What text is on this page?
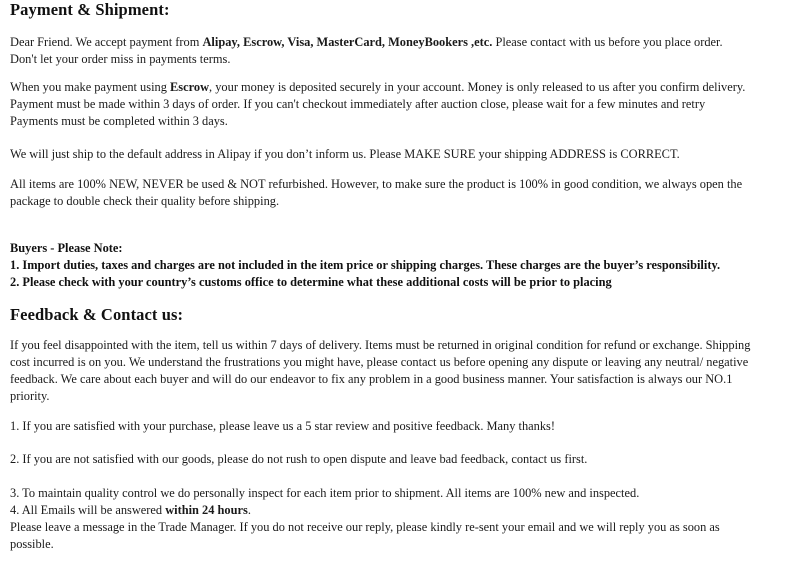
Payment & Shipment:
Dear Friend. We accept payment from Alipay, Escrow, Visa, MasterCard, MoneyBookers ,etc. Please contact with us before you place order.
Don't let your order miss in payments terms.
When you make payment using Escrow, your money is deposited securely in your account. Money is only released to us after you confirm delivery.
Payment must be made within 3 days of order. If you can't checkout immediately after auction close, please wait for a few minutes and retry
Payments must be completed within 3 days.
We will just ship to the default address in Alipay if you don’t inform us. Please MAKE SURE your shipping ADDRESS is CORRECT.
All items are 100% NEW, NEVER be used & NOT refurbished. However, to make sure the product is 100% in good condition, we always open the
package to double check their quality before shipping.
Buyers - Please Note:
1. Import duties, taxes and charges are not included in the item price or shipping charges. These charges are the buyer’s responsibility.
2. Please check with your country’s customs office to determine what these additional costs will be prior to placing
Feedback & Contact us:
If you feel disappointed with the item, tell us within 7 days of delivery. Items must be returned in original condition for refund or exchange. Shipping
cost incurred is on you. We understand the frustrations you might have, please contact us before opening any dispute or leaving any neutral/ negative
feedback. We care about each buyer and will do our endeavor to fix any problem in a good business manner. Your satisfaction is always our NO.1
priority.
1. If you are satisfied with your purchase, please leave us a 5 star review and positive feedback. Many thanks!
2. If you are not satisfied with our goods, please do not rush to open dispute and leave bad feedback, contact us first.
3. To maintain quality control we do personally inspect for each item prior to shipment. All items are 100% new and inspected.
4. All Emails will be answered within 24 hours.
Please leave a message in the Trade Manager. If you do not receive our reply, please kindly re-sent your email and we will reply you as soon as
possible.
